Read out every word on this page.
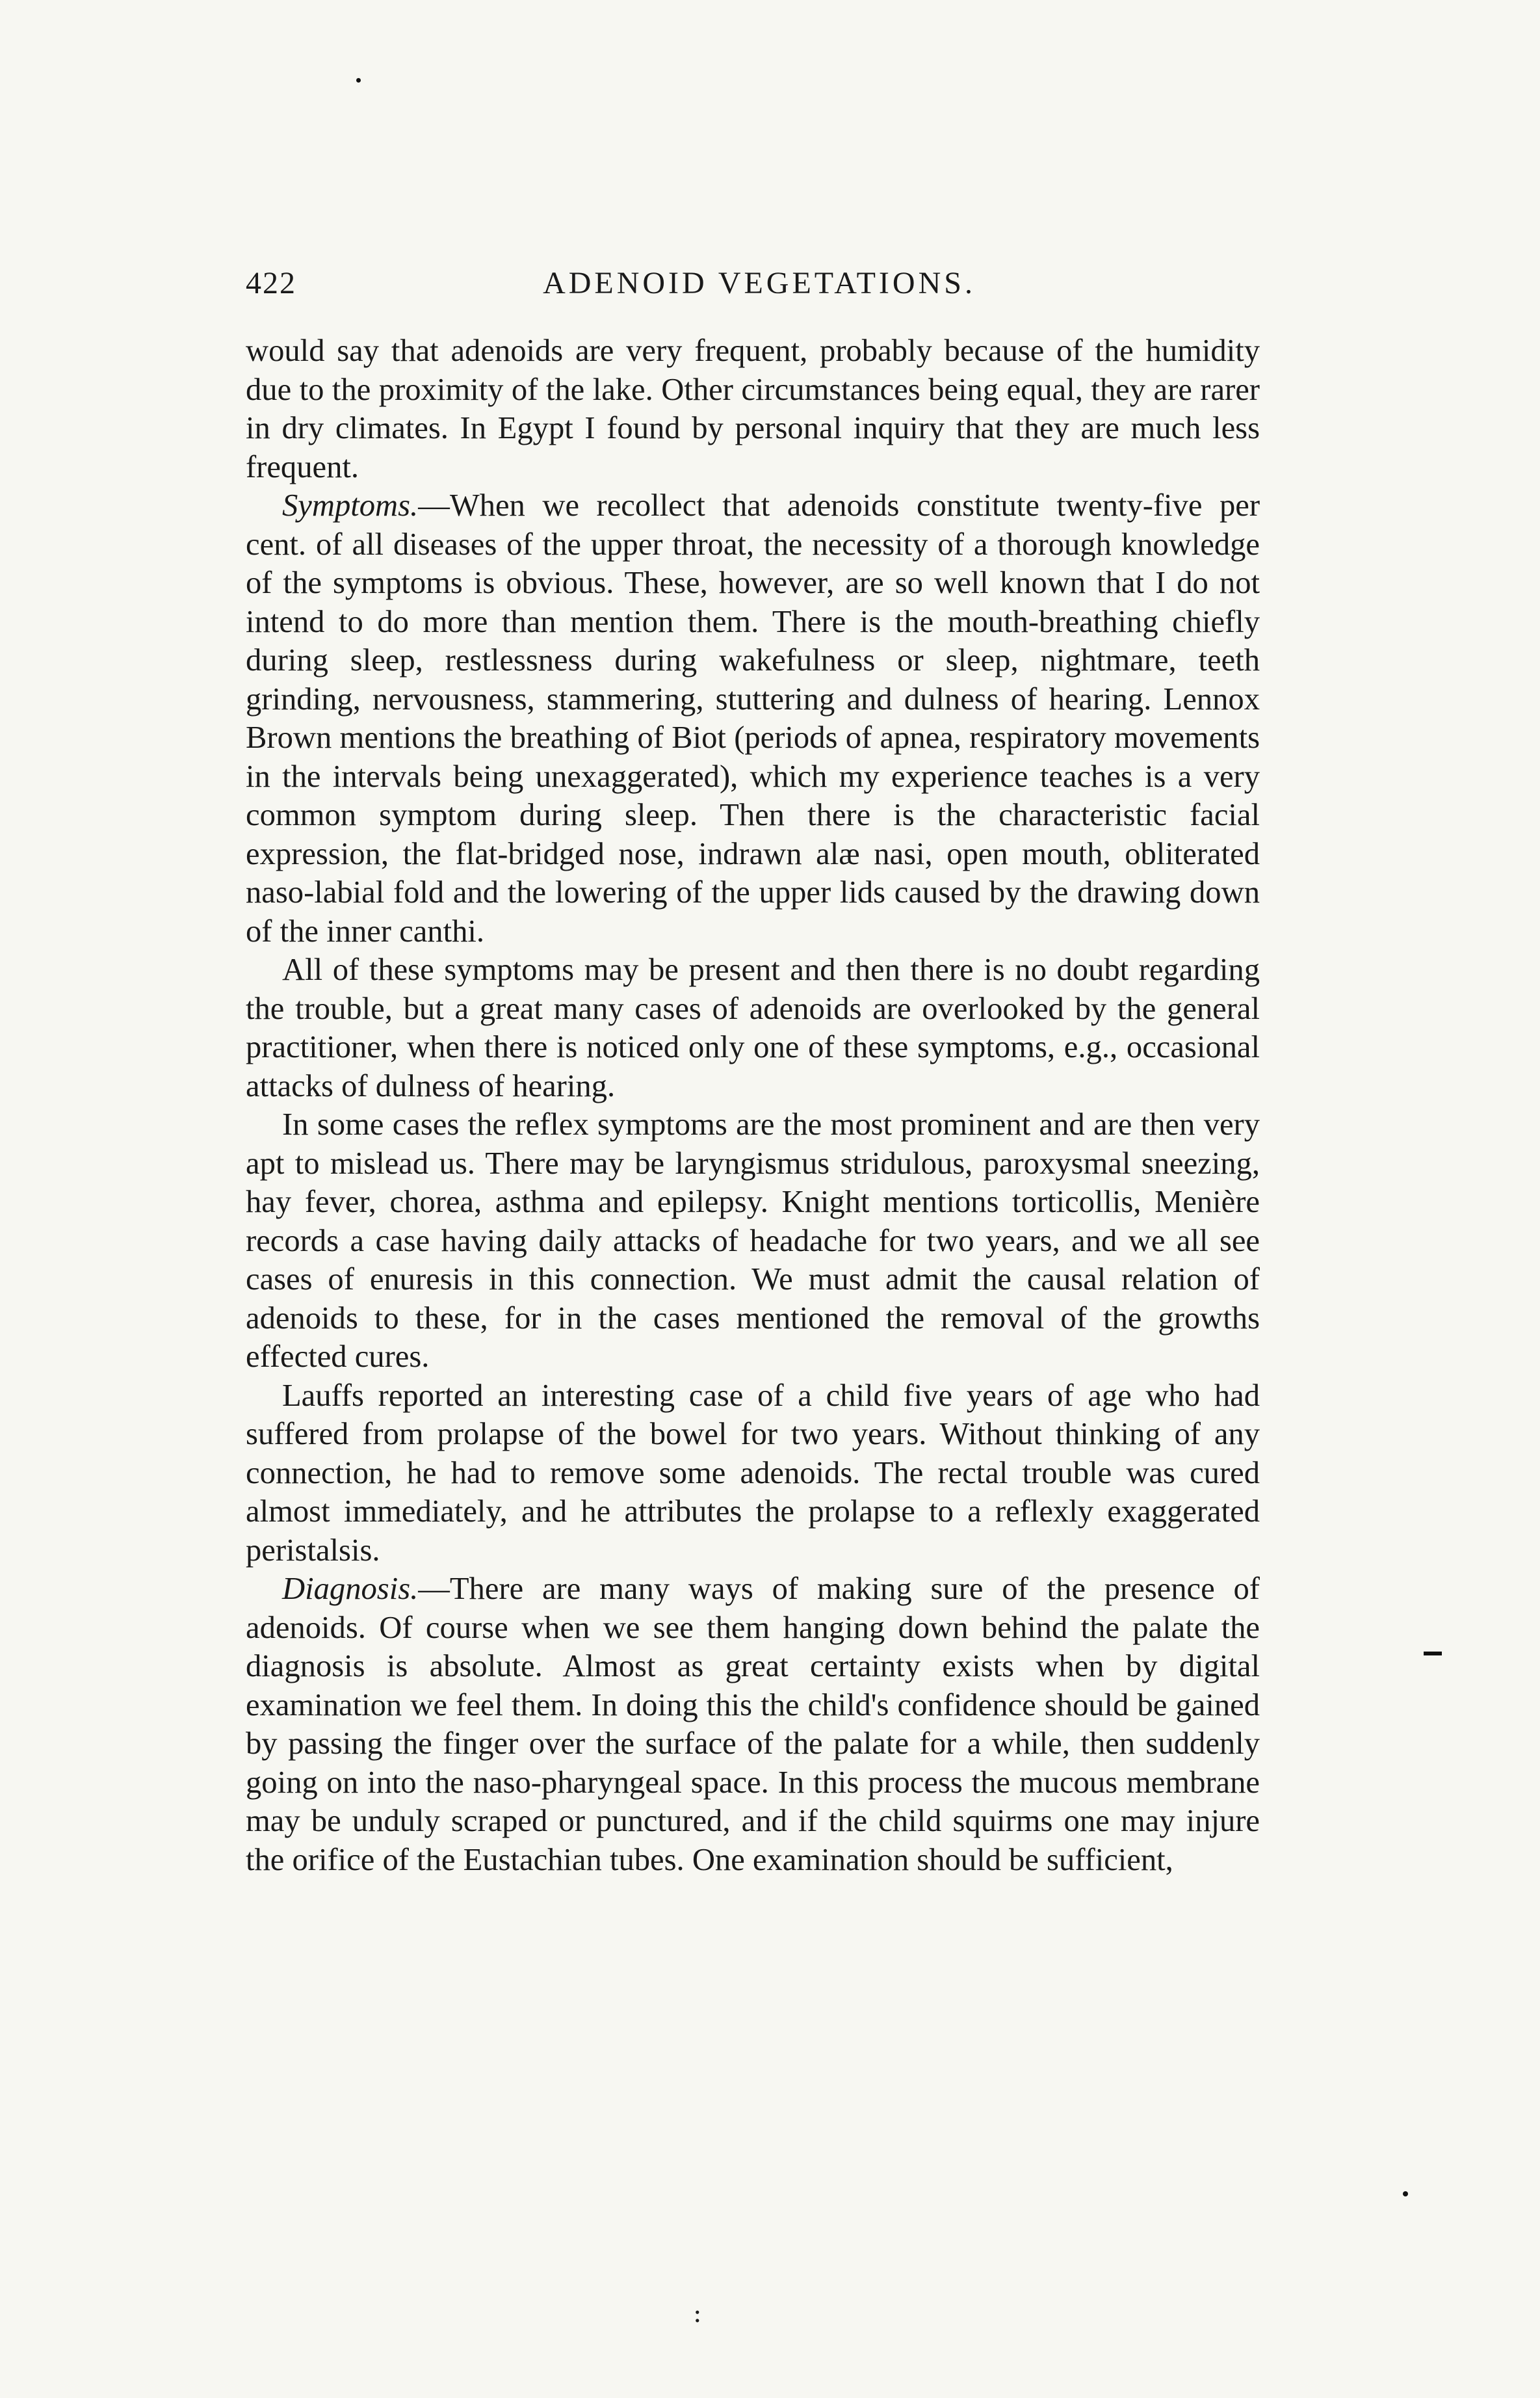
422	ADENOID VEGETATIONS.

would say that adenoids are very frequent, probably because of the humidity due to the proximity of the lake. Other circumstances being equal, they are rarer in dry climates. In Egypt I found by personal inquiry that they are much less frequent.

Symptoms.—When we recollect that adenoids constitute twenty-five per cent. of all diseases of the upper throat, the necessity of a thorough knowledge of the symptoms is obvious. These, however, are so well known that I do not intend to do more than mention them. There is the mouth-breathing chiefly during sleep, restlessness during wakefulness or sleep, nightmare, teeth grinding, nervousness, stammering, stuttering and dulness of hearing. Lennox Brown mentions the breathing of Biot (periods of apnea, respiratory movements in the intervals being unexaggerated), which my experience teaches is a very common symptom during sleep. Then there is the characteristic facial expression, the flat-bridged nose, indrawn alæ nasi, open mouth, obliterated naso-labial fold and the lowering of the upper lids caused by the drawing down of the inner canthi.

All of these symptoms may be present and then there is no doubt regarding the trouble, but a great many cases of adenoids are overlooked by the general practitioner, when there is noticed only one of these symptoms, e.g., occasional attacks of dulness of hearing.

In some cases the reflex symptoms are the most prominent and are then very apt to mislead us. There may be laryngismus stridulous, paroxysmal sneezing, hay fever, chorea, asthma and epilepsy. Knight mentions torticollis, Menière records a case having daily attacks of headache for two years, and we all see cases of enuresis in this connection. We must admit the causal relation of adenoids to these, for in the cases mentioned the removal of the growths effected cures.

Lauffs reported an interesting case of a child five years of age who had suffered from prolapse of the bowel for two years. Without thinking of any connection, he had to remove some adenoids. The rectal trouble was cured almost immediately, and he attributes the prolapse to a reflexly exaggerated peristalsis.

Diagnosis.—There are many ways of making sure of the presence of adenoids. Of course when we see them hanging down behind the palate the diagnosis is absolute. Almost as great certainty exists when by digital examination we feel them. In doing this the child's confidence should be gained by passing the finger over the surface of the palate for a while, then suddenly going on into the naso-pharyngeal space. In this process the mucous membrane may be unduly scraped or punctured, and if the child squirms one may injure the orifice of the Eustachian tubes. One examination should be sufficient,

:
